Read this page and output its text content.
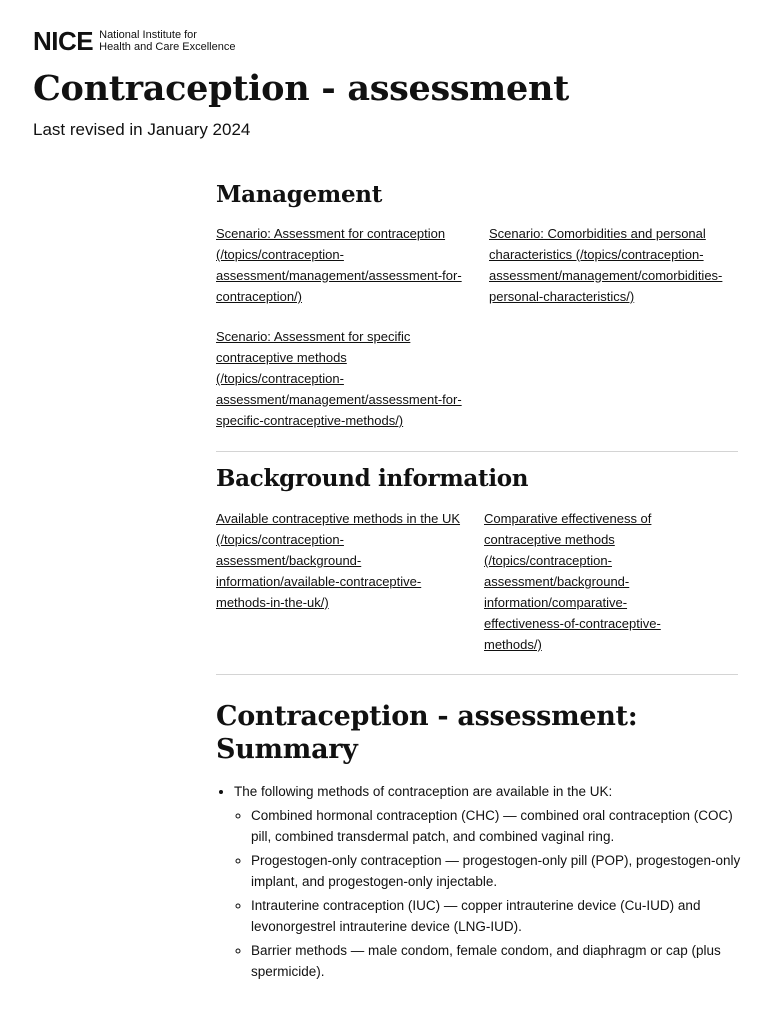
NICE National Institute for
Health and Care Excellence
Contraception - assessment
Last revised in January 2024
Management
Scenario: Assessment for contraception (/topics/contraception-assessment/management/assessment-for-contraception/)
Scenario: Comorbidities and personal characteristics (/topics/contraception-assessment/management/comorbidities-personal-characteristics/)
Scenario: Assessment for specific contraceptive methods (/topics/contraception-assessment/management/assessment-for-specific-contraceptive-methods/)
Background information
Available contraceptive methods in the UK (/topics/contraception-assessment/background-information/available-contraceptive-methods-in-the-uk/)
Comparative effectiveness of contraceptive methods (/topics/contraception-assessment/background-information/comparative-effectiveness-of-contraceptive-methods/)
Contraception - assessment: Summary
• The following methods of contraception are available in the UK:
◦ Combined hormonal contraception (CHC) — combined oral contraception (COC) pill, combined transdermal patch, and combined vaginal ring.
◦ Progestogen-only contraception — progestogen-only pill (POP), progestogen-only implant, and progestogen-only injectable.
◦ Intrauterine contraception (IUC) — copper intrauterine device (Cu-IUD) and levonorgestrel intrauterine device (LNG-IUD).
◦ Barrier methods — male condom, female condom, and diaphragm or cap (plus spermicide).
